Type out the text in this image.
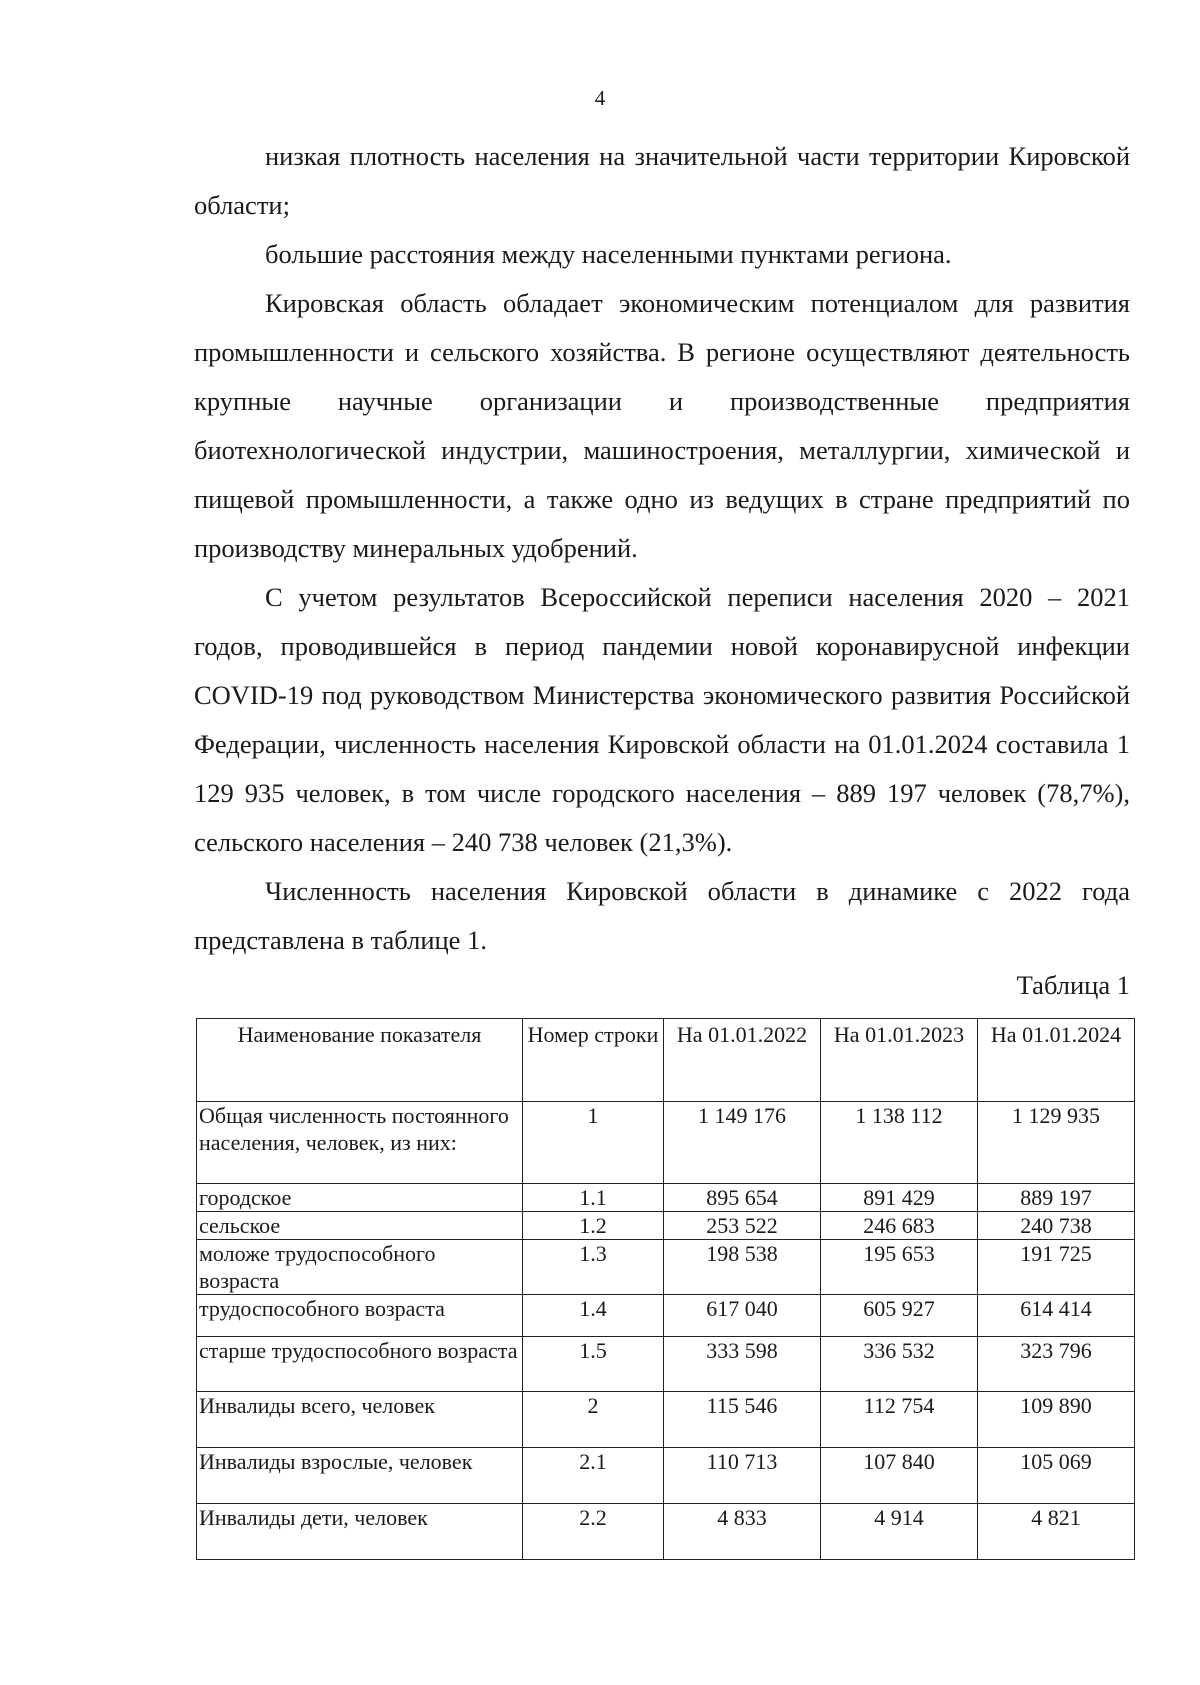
4

низкая плотность населения на значительной части территории Кировской области;

большие расстояния между населенными пунктами региона.

Кировская область обладает экономическим потенциалом для развития промышленности и сельского хозяйства. В регионе осуществляют деятельность крупные научные организации и производственные предприятия биотехнологической индустрии, машиностроения, металлургии, химической и пищевой промышленности, а также одно из ведущих в стране предприятий по производству минеральных удобрений.

С учетом результатов Всероссийской переписи населения 2020 – 2021 годов, проводившейся в период пандемии новой коронавирусной инфекции COVID-19 под руководством Министерства экономического развития Российской Федерации, численность населения Кировской области на 01.01.2024 составила 1 129 935 человек, в том числе городского населения – 889 197 человек (78,7%), сельского населения – 240 738 человек (21,3%).

Численность населения Кировской области в динамике с 2022 года представлена в таблице 1.

Таблица 1
Наименование показателя	Номер строки	На 01.01.2022	На 01.01.2023	На 01.01.2024
Общая численность постоянного населения, человек, из них:	1	1 149 176	1 138 112	1 129 935
городское	1.1	895 654	891 429	889 197
сельское	1.2	253 522	246 683	240 738
моложе трудоспособного возраста	1.3	198 538	195 653	191 725
трудоспособного возраста	1.4	617 040	605 927	614 414
старше трудоспособного возраста	1.5	333 598	336 532	323 796
Инвалиды всего, человек	2	115 546	112 754	109 890
Инвалиды взрослые, человек	2.1	110 713	107 840	105 069
Инвалиды дети, человек	2.2	4 833	4 914	4 821
